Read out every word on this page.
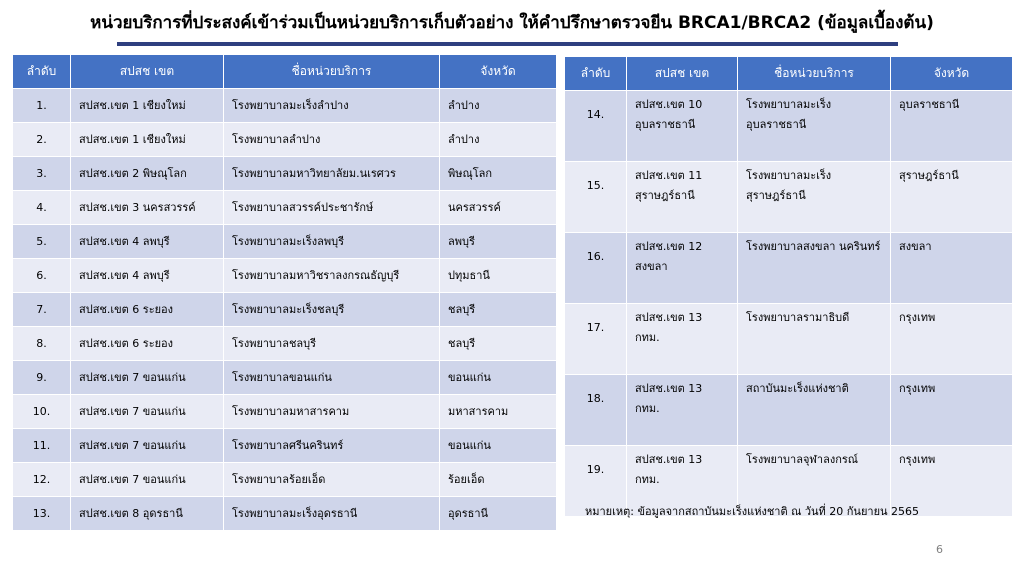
หน่วยบริการที่ประสงค์เข้าร่วมเป็นหน่วยบริการเก็บตัวอย่าง ให้คำปรึกษาตรวจยีน BRCA1/BRCA2 (ข้อมูลเบื้องต้น)
ลำดับ	สปสช เขต	ชื่อหน่วยบริการ	จังหวัด
1.	สปสช.เขต 1 เชียงใหม่	โรงพยาบาลมะเร็งลำปาง	ลำปาง
2.	สปสช.เขต 1 เชียงใหม่	โรงพยาบาลลำปาง	ลำปาง
3.	สปสช.เขต 2 พิษณุโลก	โรงพยาบาลมหาวิทยาลัยม.นเรศวร	พิษณุโลก
4.	สปสช.เขต 3 นครสวรรค์	โรงพยาบาลสวรรค์ประชารักษ์	นครสวรรค์
5.	สปสช.เขต 4 ลพบุรี	โรงพยาบาลมะเร็งลพบุรี	ลพบุรี
6.	สปสช.เขต 4 ลพบุรี	โรงพยาบาลมหาวิชราลงกรณธัญบุรี	ปทุมธานี
7.	สปสช.เขต 6 ระยอง	โรงพยาบาลมะเร็งชลบุรี	ชลบุรี
8.	สปสช.เขต 6 ระยอง	โรงพยาบาลชลบุรี	ชลบุรี
9.	สปสช.เขต 7 ขอนแก่น	โรงพยาบาลขอนแก่น	ขอนแก่น
10.	สปสช.เขต 7 ขอนแก่น	โรงพยาบาลมหาสารคาม	มหาสารคาม
11.	สปสช.เขต 7 ขอนแก่น	โรงพยาบาลศรีนครินทร์	ขอนแก่น
12.	สปสช.เขต 7 ขอนแก่น	โรงพยาบาลร้อยเอ็ด	ร้อยเอ็ด
13.	สปสช.เขต 8 อุดรธานี	โรงพยาบาลมะเร็งอุดรธานี	อุดรธานี
ลำดับ	สปสช เขต	ชื่อหน่วยบริการ	จังหวัด
14.	สปสช.เขต 10 อุบลราชธานี	โรงพยาบาลมะเร็ง อุบลราชธานี	อุบลราชธานี
15.	สปสช.เขต 11 สุราษฎร์ธานี	โรงพยาบาลมะเร็ง สุราษฎร์ธานี	สุราษฎร์ธานี
16.	สปสช.เขต 12 สงขลา	โรงพยาบาลสงขลา นครินทร์	สงขลา
17.	สปสช.เขต 13 กทม.	โรงพยาบาลรามาธิบดี	กรุงเทพ
18.	สปสช.เขต 13 กทม.	สถาบันมะเร็งแห่งชาติ	กรุงเทพ
19.	สปสช.เขต 13 กทม.	โรงพยาบาลจุฬาลงกรณ์	กรุงเทพ
หมายเหตุ: ข้อมูลจากสถาบันมะเร็งแห่งชาติ ณ วันที่ 20 กันยายน 2565
6
